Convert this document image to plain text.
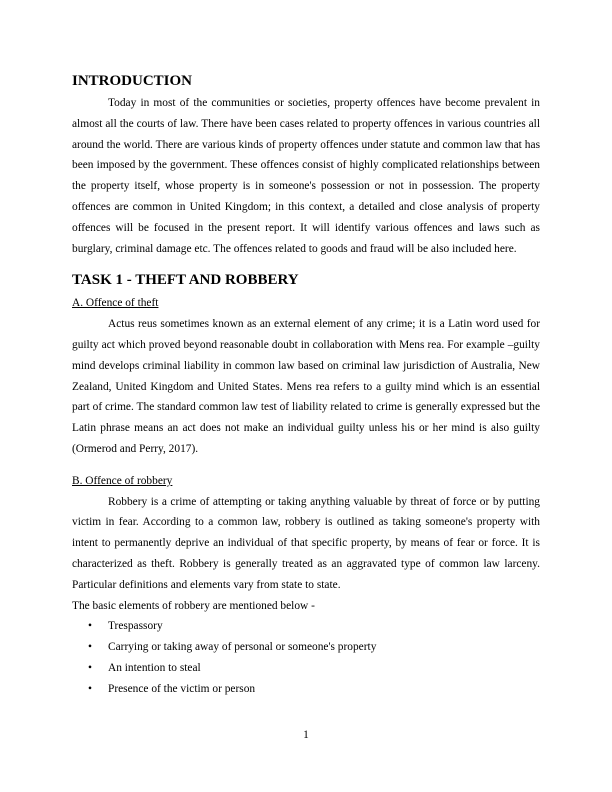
INTRODUCTION

Today in most of the communities or societies, property offences have become prevalent in almost all the courts of law. There have been cases related to property offences in various countries all around the world. There are various kinds of property offences under statute and common law that has been imposed by the government. These offences consist of highly complicated relationships between the property itself, whose property is in someone's possession or not in possession. The property offences are common in United Kingdom; in this context, a detailed and close analysis of property offences will be focused in the present report. It will identify various offences and laws such as burglary, criminal damage etc. The offences related to goods and fraud will be also included here.

TASK 1 - THEFT AND ROBBERY
A. Offence of theft

Actus reus sometimes known as an external element of any crime; it is a Latin word used for guilty act which proved beyond reasonable doubt in collaboration with Mens rea. For example –guilty mind develops criminal liability in common law based on criminal law jurisdiction of Australia, New Zealand, United Kingdom and United States. Mens rea refers to a guilty mind which is an essential part of crime. The standard common law test of liability related to crime is generally expressed but the Latin phrase means an act does not make an individual guilty unless his or her mind is also guilty (Ormerod and Perry, 2017).

B. Offence of robbery

Robbery is a crime of attempting or taking anything valuable by threat of force or by putting victim in fear. According to a common law, robbery is outlined as taking someone's property with intent to permanently deprive an individual of that specific property, by means of fear or force. It is characterized as theft. Robbery is generally treated as an aggravated type of common law larceny. Particular definitions and elements vary from state to state.

The basic elements of robbery are mentioned below -

• Trespassory
• Carrying or taking away of personal or someone's property
• An intention to steal
• Presence of the victim or person
1
